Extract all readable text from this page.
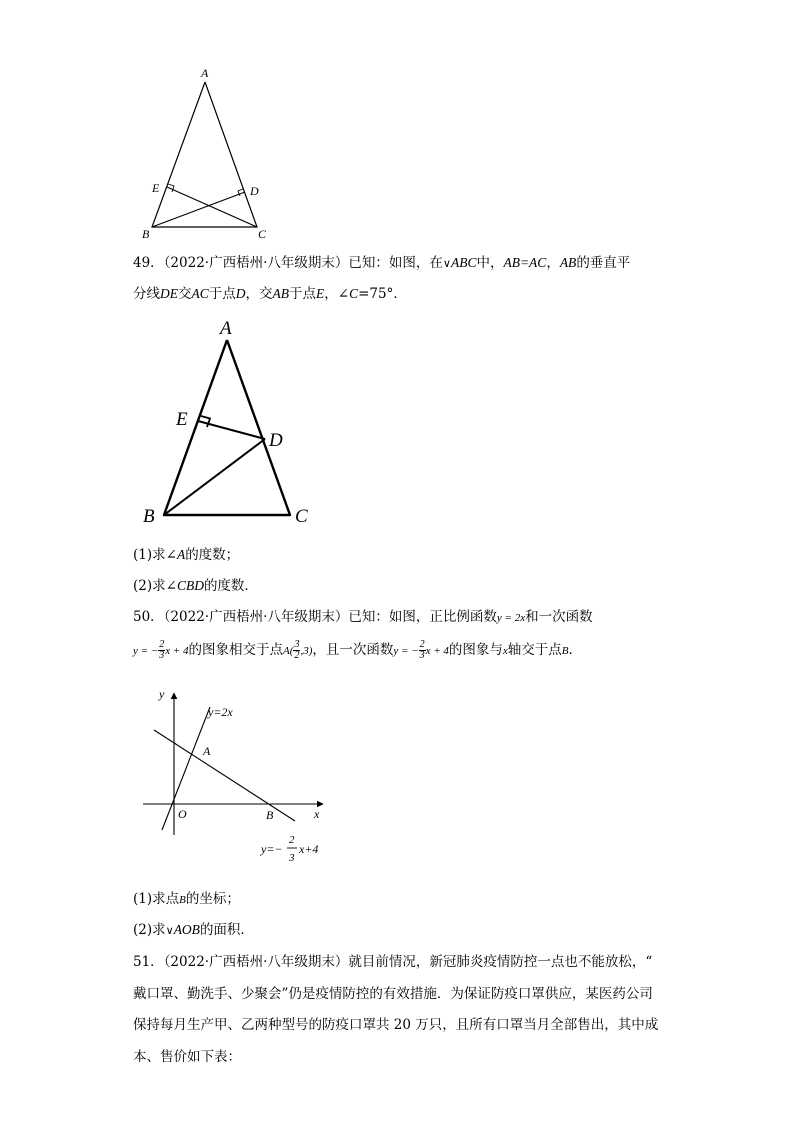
A
E	D
B	C
49．（2022·广西梧州·八年级期末）已知：如图，在∨ABC中，AB=AC，AB的垂直平
分线DE交AC于点D，交AB于点E，∠C=75°．
A
E
D
B	C
(1)求∠A的度数；
(2)求∠CBD的度数．
50．（2022·广西梧州·八年级期末）已知：如图，正比例函数y = 2x和一次函数
y = − $\frac{2}{3}$ x + 4的图象相交于点$A( \frac{3}{2} ,3)$，且一次函数y = − $\frac{2}{3}$ x + 4的图象与x轴交于点B．
y
x
O
A
B
y=2x
y=−
2
3
x+4
(1)求点B的坐标；
(2)求∨AOB的面积．
51．（2022·广西梧州·八年级期末）就目前情况，新冠肺炎疫情防控一点也不能放松，“
戴口罩、勤洗手、少聚会”仍是疫情防控的有效措施．为保证防疫口罩供应，某医药公司
保持每月生产甲、乙两种型号的防疫口罩共 20 万只，且所有口罩当月全部售出，其中成
本、售价如下表：
